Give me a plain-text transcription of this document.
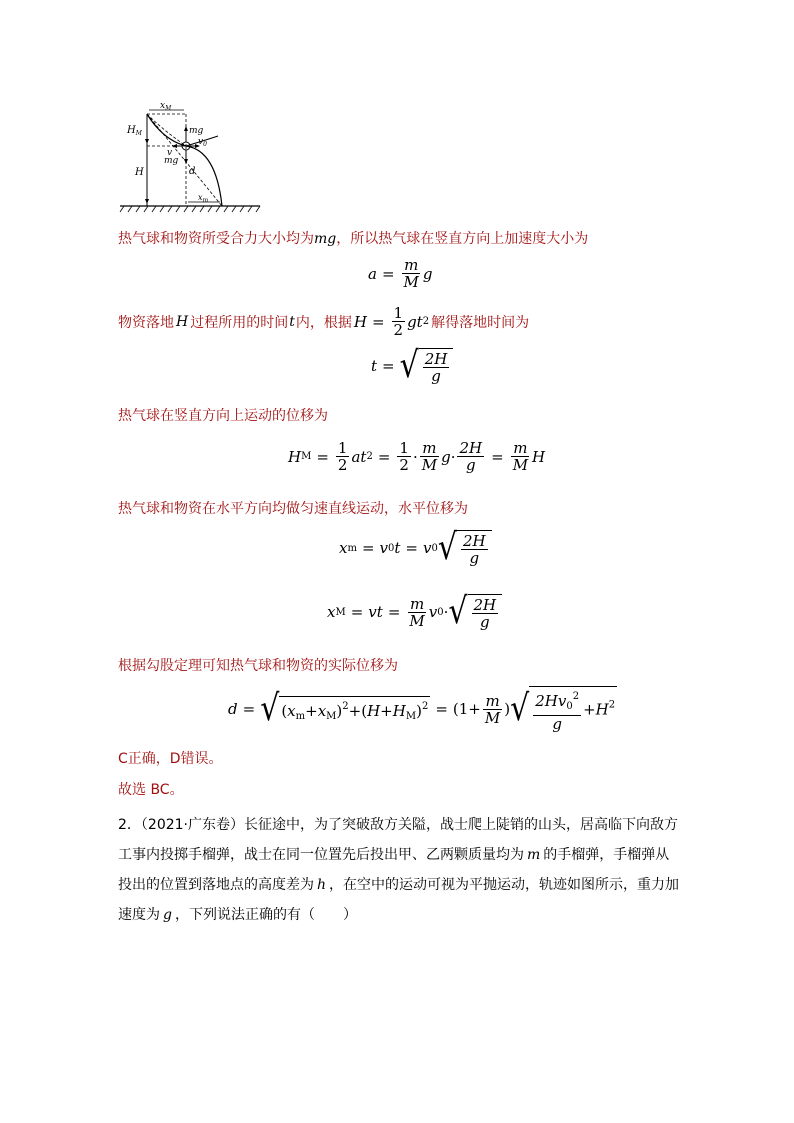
$x_M$
$H_M$	mg
$v_0$
v
mg
d
H
$x_m$
热气球和物资所受合力大小均为mg，所以热气球在竖直方向上加速度大小为
$a = \frac{m}{M}$ g
物资落地 H 过程所用的时间 t 内，根据 $H = \frac{1}{2}$ gt 2 解得落地时间为
t = √ $\frac{2H}{g}$
热气球在竖直方向上运动的位移为
H $M = \frac{1}{2}$ at $2 = \frac{1}{2} \cdot \frac{m}{M}$ $g \cdot \frac{2H}{g} = \frac{m}{M}$ H
热气球和物资在水平方向均做匀速直线运动，水平位移为
x m = v 0 t = v 0 √ $\frac{2H}{g}$
x M = vt = $\frac{m}{M}$ v 0 · √ $\frac{2H}{g}$
根据勾股定理可知热气球和物资的实际位移为
d = √ $(x_m+x_M)^2+(H+H_M)^2 = (1+ \frac{m}{M}$ ) √ $\frac{2Hv_0^2}{g} +H^2$
C正确，D错误。
故选 BC。
2．（2021·广东卷）长征途中，为了突破敌方关隘，战士爬上陡销的山头，居高临下向敌方
工事内投掷手榴弹，战士在同一位置先后投出甲、乙两颗质量均为 m 的手榴弹，手榴弹从
投出的位置到落地点的高度差为 h ，在空中的运动可视为平抛运动，轨迹如图所示，重力加
速度为 g ，下列说法正确的有（　　）
